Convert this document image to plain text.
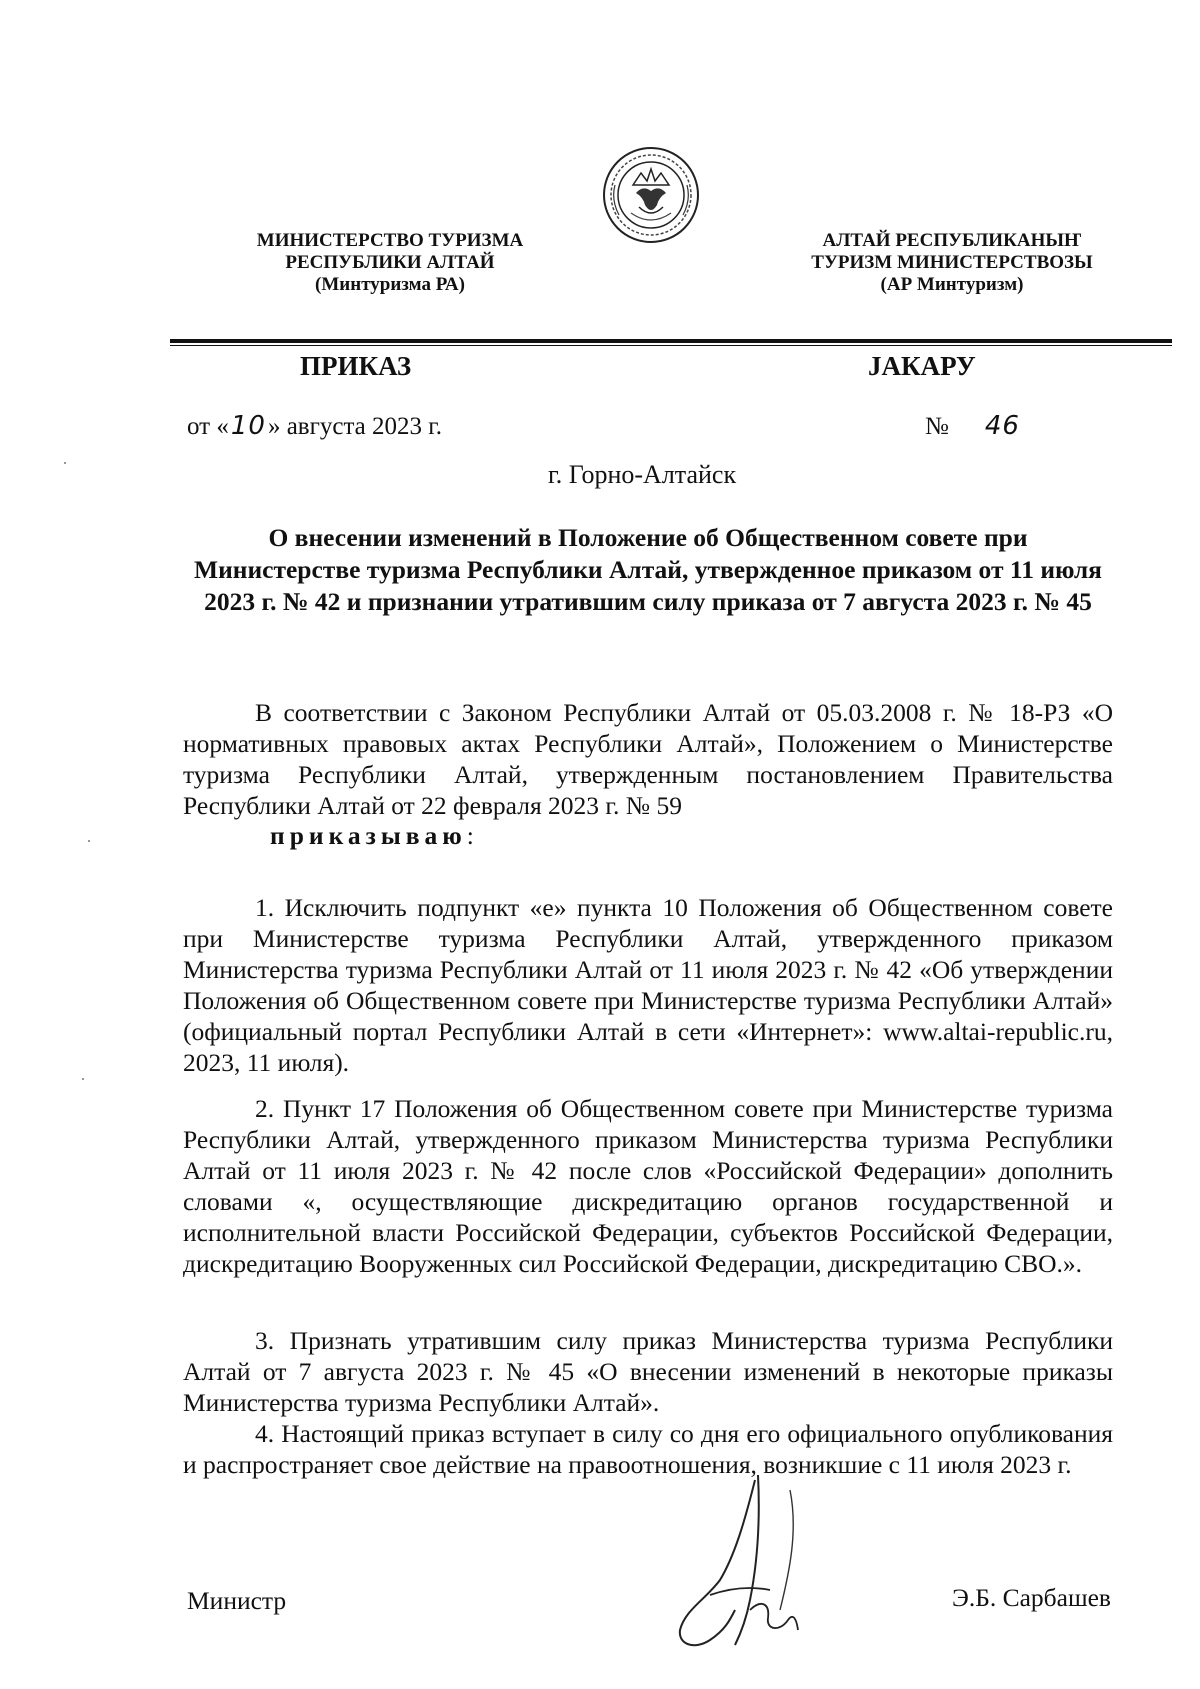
МИНИСТЕРСТВО ТУРИЗМА
РЕСПУБЛИКИ АЛТАЙ
(Минтуризма РА)
АЛТАЙ РЕСПУБЛИКАНЫҤ
ТУРИЗМ МИНИСТЕРСТВОЗЫ
(АР Минтуризм)
ПРИКАЗ	ЈАКАРУ
от «10» августа 2023 г.	№ 46
г. Горно-Алтайск
О внесении изменений в Положение об Общественном совете при Министерстве туризма Республики Алтай, утвержденное приказом от 11 июля 2023 г. № 42 и признании утратившим силу приказа от 7 августа 2023 г. № 45

В соответствии с Законом Республики Алтай от 05.03.2008 г. № 18-РЗ «О нормативных правовых актах Республики Алтай», Положением о Министерстве туризма Республики Алтай, утвержденным постановлением Правительства Республики Алтай от 22 февраля 2023 г. № 59

приказываю:

1. Исключить подпункт «е» пункта 10 Положения об Общественном совете при Министерстве туризма Республики Алтай, утвержденного приказом Министерства туризма Республики Алтай от 11 июля 2023 г. № 42 «Об утверждении Положения об Общественном совете при Министерстве туризма Республики Алтай» (официальный портал Республики Алтай в сети «Интернет»: www.altai-republic.ru, 2023, 11 июля).

2. Пункт 17 Положения об Общественном совете при Министерстве туризма Республики Алтай, утвержденного приказом Министерства туризма Республики Алтай от 11 июля 2023 г. № 42 после слов «Российской Федерации» дополнить словами «, осуществляющие дискредитацию органов государственной и исполнительной власти Российской Федерации, субъектов Российской Федерации, дискредитацию Вооруженных сил Российской Федерации, дискредитацию СВО.».

3. Признать утратившим силу приказ Министерства туризма Республики Алтай от 7 августа 2023 г. № 45 «О внесении изменений в некоторые приказы Министерства туризма Республики Алтай».

4. Настоящий приказ вступает в силу со дня его официального опубликования и распространяет свое действие на правоотношения, возникшие с 11 июля 2023 г.

Министр	Э.Б. Сарбашев
